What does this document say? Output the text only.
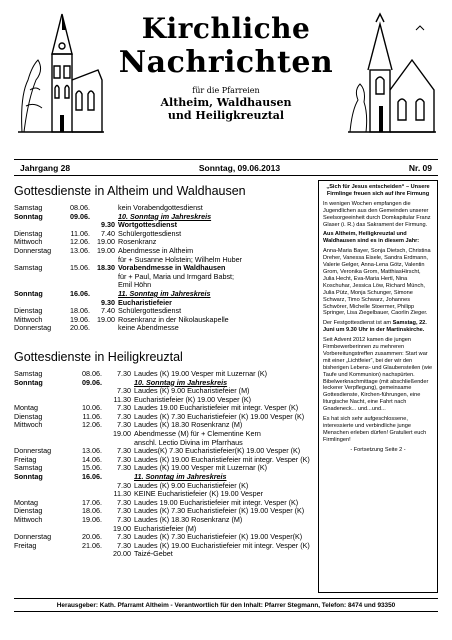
Kirchliche
Nachrichten
für die Pfarreien
Altheim, Waldhausen
und Heiligkreuztal
Jahrgang 28	Sonntag, 09.06.2013	Nr. 09
Gottesdienste in Altheim und Waldhausen
Samstag	08.06.	kein Vorabendgottesdienst
Sonntag	09.06.	10. Sonntag im Jahreskreis
9.30 Wortgottesdienst
Dienstag	11.06.	7.40 Schülergottesdienst
Mittwoch	12.06. 19.00 Rosenkranz
Donnerstag	13.06. 19.00 Abendmesse in Altheim
für + Susanne Holstein; Wilhelm Huber
Samstag	15.06. 18.30 Vorabendmesse in Waldhausen
für + Paul, Maria und Irmgard Babst;
Emil Höhn
Sonntag	16.06.	11. Sonntag im Jahreskreis
9.30 Eucharistiefeier
Dienstag	18.06.	7.40 Schülergottesdienst
Mittwoch	19.06. 19.00 Rosenkranz in der Nikolauskapelle
Donnerstag	20.06.	keine Abendmesse
Gottesdienste in Heiligkreuztal
Samstag	08.06.	7.30 Laudes (K) 19.00 Vesper mit Luzernar (K)
Sonntag	09.06.	10. Sonntag im Jahreskreis
7.30 Laudes (K) 9.00 Eucharistiefeier (M)
11.30 Eucharistiefeier (K) 19.00 Vesper (K)
Montag	10.06.	7.30 Laudes 19.00 Eucharistiefeier mit integr. Vesper (K)
Dienstag	11.06.	7.30 Laudes (K) 7.30 Eucharistiefeier (K) 19.00 Vesper (K)
Mittwoch	12.06.	7.30 Laudes (K) 18.30 Rosenkranz (M)
19.00 Abendmesse (M) für + Clementine Kern
anschl. Lectio Divina im Pfarrhaus
Donnerstag	13.06.	7.30 Laudes(K) 7.30 Eucharistiefeier(K) 19.00 Vesper (K)
Freitag	14.06.	7.30 Laudes (K) 19.00 Eucharistiefeier mit integr. Vesper (K)
Samstag	15.06.	7.30 Laudes (K) 19.00 Vesper mit Luzernar (K)
Sonntag	16.06.	11. Sonntag im Jahreskreis
7.30 Laudes (K) 9.00 Eucharistiefeier (K)
11.30 KEINE Eucharistiefeier (K) 19.00 Vesper
Montag	17.06.	7.30 Laudes 19.00 Eucharistiefeier mit integr. Vesper (K)
Dienstag	18.06.	7.30 Laudes (K) 7.30 Eucharistiefeier (K) 19.00 Vesper (K)
Mittwoch	19.06.	7.30 Laudes (K) 18.30 Rosenkranz (M)
19.00 Eucharistiefeier (M)
Donnerstag	20.06.	7.30 Laudes (K) 7.30 Eucharistiefeier (K) 19.00 Vesper(K)
Freitag	21.06.	7.30 Laudes (K) 19.00 Eucharistiefeier mit integr. Vesper (K)
20.00 Taizé-Gebet

„Sich für Jesus entscheiden“ – Unsere Firmlinge freuen sich auf ihre Firmung

In wenigen Wochen empfangen die Jugendlichen aus den Gemeinden unserer Seelsorgeeinheit durch Domkapitular Franz Glaser (i. R.) das Sakrament der Firmung.

Aus Altheim, Heiligkreuztal und Waldhausen sind es in diesem Jahr:

Anna-Maria Bayer, Sonja Dietsch, Christina Dreher, Vanessa Eisele, Sandra Erdmann, Valerie Gelger, Anna-Lena Götz, Valentin Grom, Veronika Grom, MatthiasHirscht, Julia Hecht, Eva-Maria Hertl, Nina Koschuhar, Jessica Löw, Richard Münch, Julia Pütz, Monja Schunger, Simone Schwarz, Timo Schwarz, Johannes Schwörer, Michelle Stoermer, Philipp Springer, Lisa Ziegelbauer, Caorlin Zieger.

Der Festgottesdienst ist am Samstag, 22. Juni um 9.30 Uhr in der Martinskirche.

Seit Advent 2012 kamen die jungen Firmbewerberinnen zu mehreren Vorbereitungstreffen zusammen: Start war mit einer „Lichtfeier“, bei der wir den bisherigen Lebens- und Glaubensteilen (wie Taufe und Kommunion) nachspürten. Bibelwerknachmittage (mit abschließender leckerer Verpflegung), gemeinsame Gottesdienste, Kirchen-führungen, eine liturgische Nacht, eine Fahrt nach Gnadeneck... und...und...

Es hat sich sehr aufgeschlossene, interessierte und verbindliche junge Menschen erleben dürfen! Gratuliert euch Firmlingen!

- Fortsetzung Seite 2 -

Herausgeber: Kath. Pfarramt Altheim - Verantwortlich für den Inhalt: Pfarrer Stegmann, Telefon: 8474 und 93350
